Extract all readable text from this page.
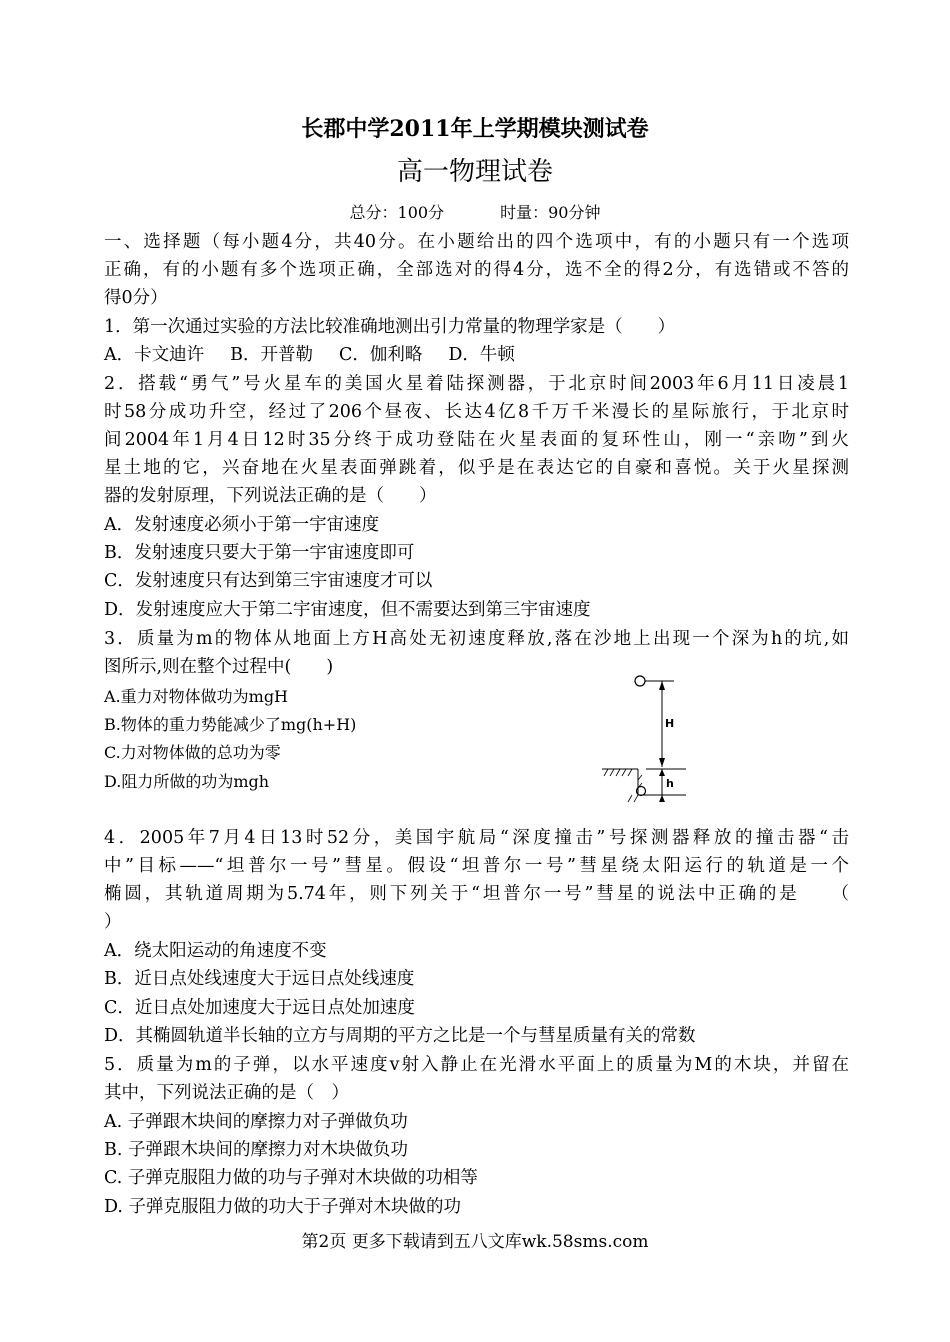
长郡中学2011年上学期模块测试卷
高一物理试卷
总分：100分	时量：90分钟
一、选择题（每小题4分，共40分。在小题给出的四个选项中，有的小题只有一个选项
正确，有的小题有多个选项正确，全部选对的得4分，选不全的得2分，有选错或不答的
得0分）
1．第一次通过实验的方法比较准确地测出引力常量的物理学家是（　　）
A．卡文迪许 B．开普勒 C．伽利略 D．牛顿
2．搭载“勇气”号火星车的美国火星着陆探测器，于北京时间2003年6月11日凌晨1
时58分成功升空，经过了206个昼夜、长达4亿8千万千米漫长的星际旅行，于北京时
间2004年1月4日12时35分终于成功登陆在火星表面的复环性山，刚一“亲吻”到火
星土地的它，兴奋地在火星表面弹跳着，似乎是在表达它的自豪和喜悦。关于火星探测
器的发射原理，下列说法正确的是（　　）
A．发射速度必须小于第一宇宙速度
B．发射速度只要大于第一宇宙速度即可
C．发射速度只有达到第三宇宙速度才可以
D．发射速度应大于第二宇宙速度，但不需要达到第三宇宙速度
3．质量为m的物体从地面上方H高处无初速度释放,落在沙地上出现一个深为h的坑,如
图所示,则在整个过程中(　　)
A.重力对物体做功为mgH
B.物体的重力势能减少了mg(h+H)
C.力对物体做的总功为零
D.阻力所做的功为mgh
H
h
4．2005年7月4日13时52分，美国宇航局“深度撞击”号探测器释放的撞击器“击
中”目标——“坦普尔一号”彗星。假设“坦普尔一号”彗星绕太阳运行的轨道是一个
椭圆，其轨道周期为5.74年，则下列关于“坦普尔一号”彗星的说法中正确的是　　（
）
A．绕太阳运动的角速度不变
B．近日点处线速度大于远日点处线速度
C．近日点处加速度大于远日点处加速度
D．其椭圆轨道半长轴的立方与周期的平方之比是一个与彗星质量有关的常数
5．质量为m的子弹，以水平速度v射入静止在光滑水平面上的质量为M的木块，并留在
其中，下列说法正确的是（　）
A. 子弹跟木块间的摩擦力对子弹做负功
B. 子弹跟木块间的摩擦力对木块做负功
C. 子弹克服阻力做的功与子弹对木块做的功相等
D. 子弹克服阻力做的功大于子弹对木块做的功
第2页 更多下载请到五八文库wk.58sms.com
